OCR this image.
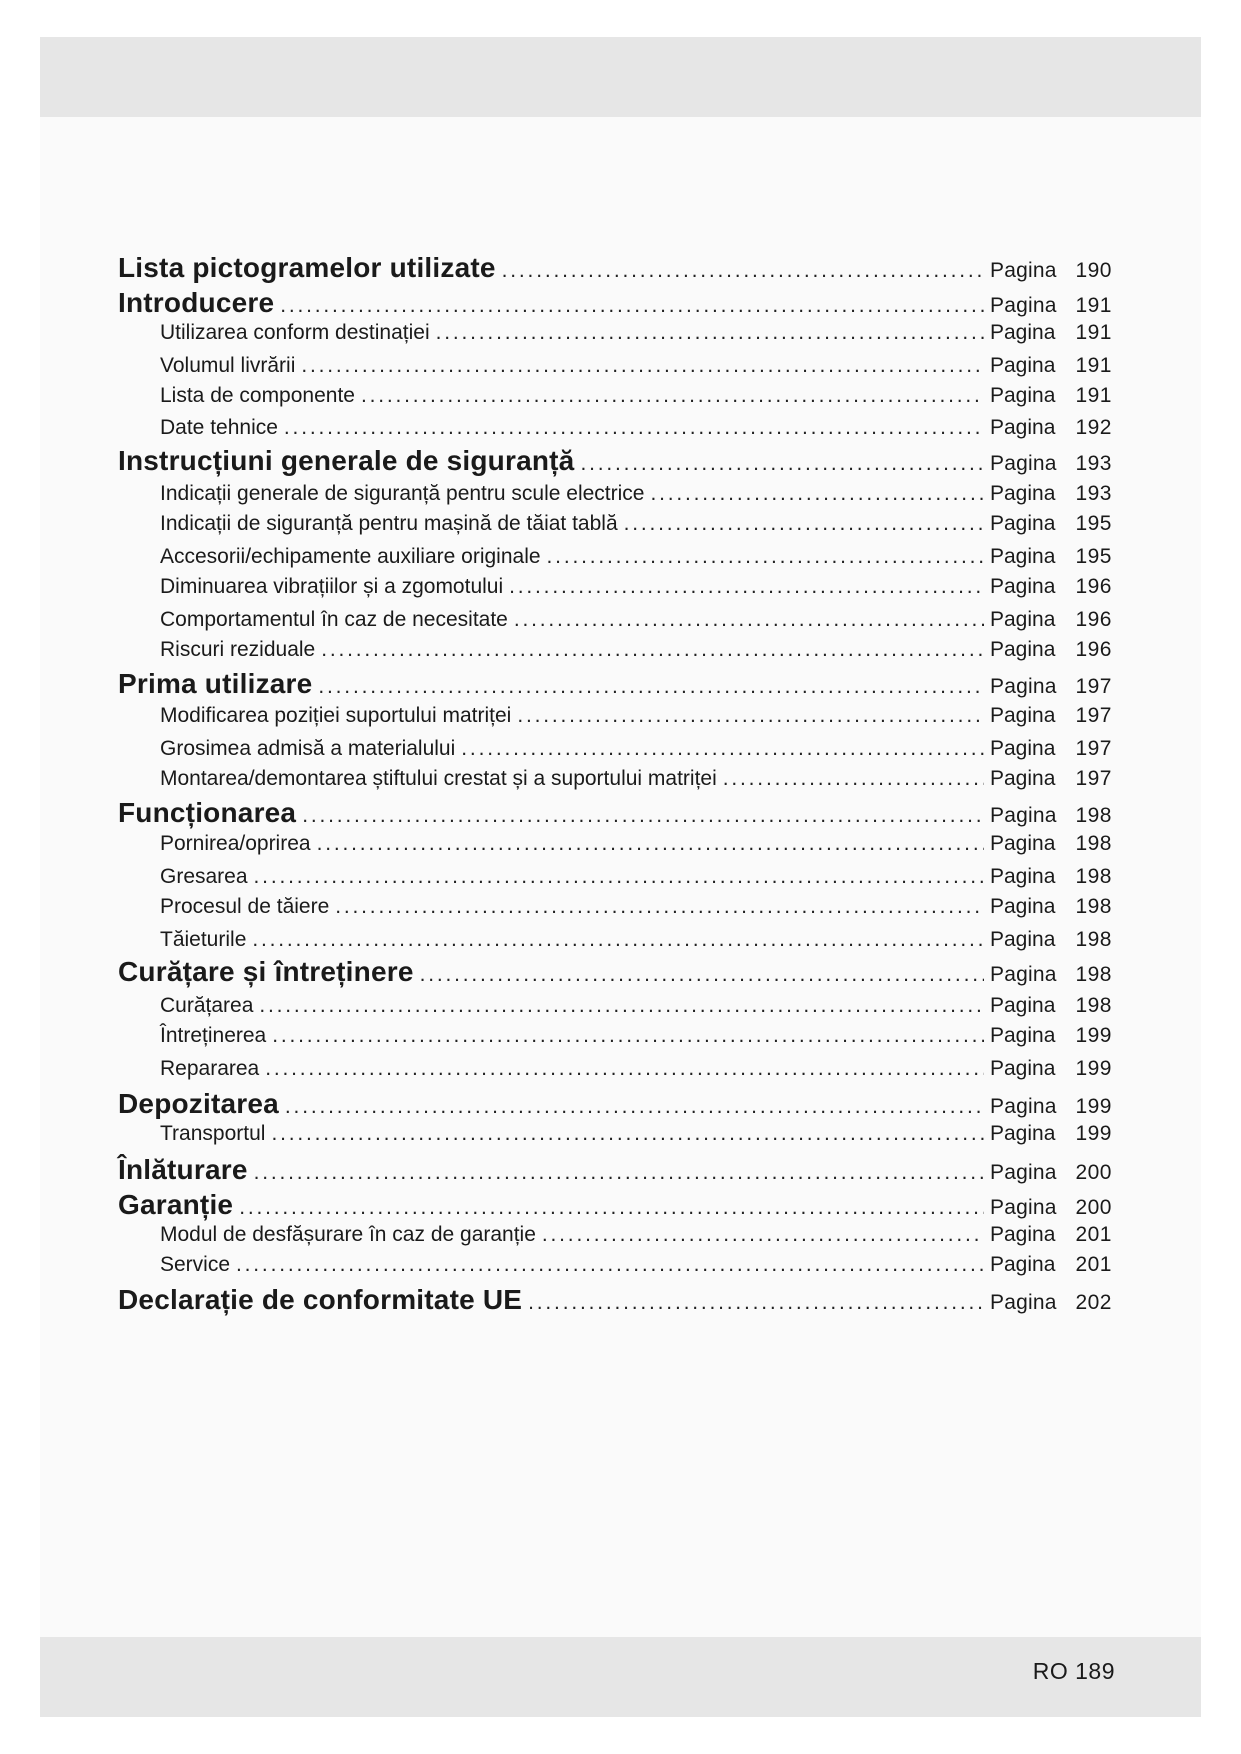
Lista pictogramelor utilizate .....	Pagina 190
Introducere .....	Pagina 191
Utilizarea conform destinației .....	Pagina 191
Volumul livrării .....	Pagina 191
Lista de componente .....	Pagina 191
Date tehnice .....	Pagina 192
Instrucțiuni generale de siguranță .....	Pagina 193
Indicații generale de siguranță pentru scule electrice .....	Pagina 193
Indicații de siguranță pentru mașină de tăiat tablă .....	Pagina 195
Accesorii/echipamente auxiliare originale .....	Pagina 195
Diminuarea vibrațiilor și a zgomotului .....	Pagina 196
Comportamentul în caz de necesitate .....	Pagina 196
Riscuri reziduale .....	Pagina 196
Prima utilizare .....	Pagina 197
Modificarea poziției suportului matriței .....	Pagina 197
Grosimea admisă a materialului .....	Pagina 197
Montarea/demontarea știftului crestat și a suportului matriței .....	Pagina 197
Funcționarea .....	Pagina 198
Pornirea/oprirea .....	Pagina 198
Gresarea .....	Pagina 198
Procesul de tăiere .....	Pagina 198
Tăieturile .....	Pagina 198
Curățare și întreținere .....	Pagina 198
Curățarea .....	Pagina 198
Întreținerea .....	Pagina 199
Repararea .....	Pagina 199
Depozitarea .....	Pagina 199
Transportul .....	Pagina 199
Înlăturare .....	Pagina 200
Garanție .....	Pagina 200
Modul de desfășurare în caz de garanție .....	Pagina 201
Service .....	Pagina 201
Declarație de conformitate UE .....	Pagina 202
RO 189
